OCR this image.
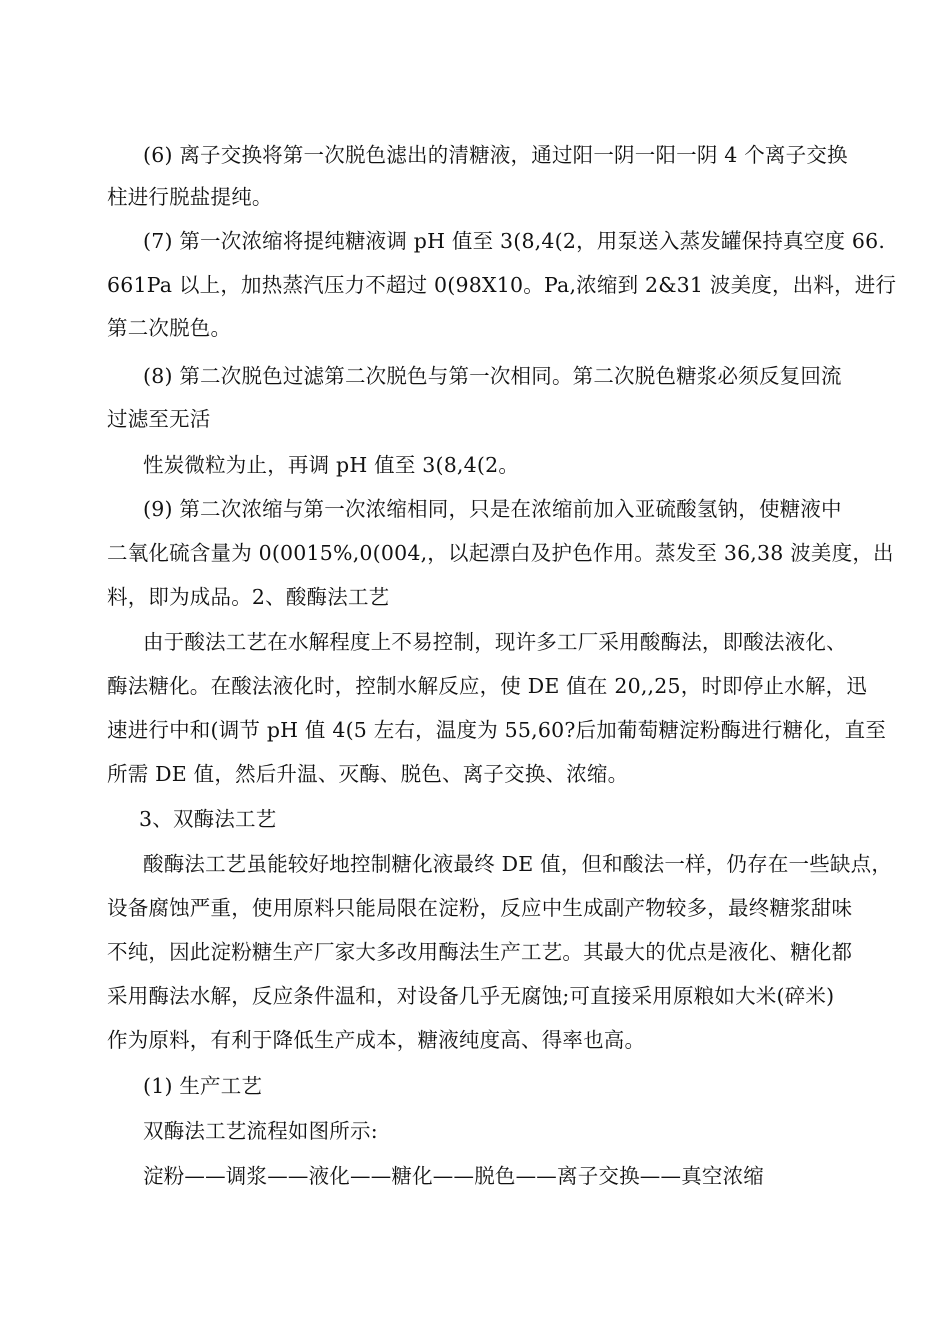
(6) 离子交换将第一次脱色滤出的清糖液，通过阳一阴一阳一阴 4 个离子交换
柱进行脱盐提纯。
(7) 第一次浓缩将提纯糖液调 pH 值至 3(8,4(2，用泵送入蒸发罐保持真空度 66.
661Pa 以上，加热蒸汽压力不超过 0(98X10。Pa,浓缩到 2&31 波美度，出料，进行
第二次脱色。
(8) 第二次脱色过滤第二次脱色与第一次相同。第二次脱色糖浆必须反复回流
过滤至无活
性炭微粒为止，再调 pH 值至 3(8,4(2。
(9) 第二次浓缩与第一次浓缩相同，只是在浓缩前加入亚硫酸氢钠，使糖液中
二氧化硫含量为 0(0015%,0(004,，以起漂白及护色作用。蒸发至 36,38 波美度，出
料，即为成品。2、酸酶法工艺
由于酸法工艺在水解程度上不易控制，现许多工厂采用酸酶法，即酸法液化、
酶法糖化。在酸法液化时，控制水解反应，使 DE 值在 20,,25，时即停止水解，迅
速进行中和(调节 pH 值 4(5 左右，温度为 55,60?后加葡萄糖淀粉酶进行糖化，直至
所需 DE 值，然后升温、灭酶、脱色、离子交换、浓缩。
3、双酶法工艺
酸酶法工艺虽能较好地控制糖化液最终 DE 值，但和酸法一样，仍存在一些缺点，
设备腐蚀严重，使用原料只能局限在淀粉，反应中生成副产物较多，最终糖浆甜味
不纯，因此淀粉糖生产厂家大多改用酶法生产工艺。其最大的优点是液化、糖化都
采用酶法水解，反应条件温和，对设备几乎无腐蚀;可直接采用原粮如大米(碎米)
作为原料，有利于降低生产成本，糖液纯度高、得率也高。
(1) 生产工艺
双酶法工艺流程如图所示:
淀粉——调浆——液化——糖化——脱色——离子交换——真空浓缩
